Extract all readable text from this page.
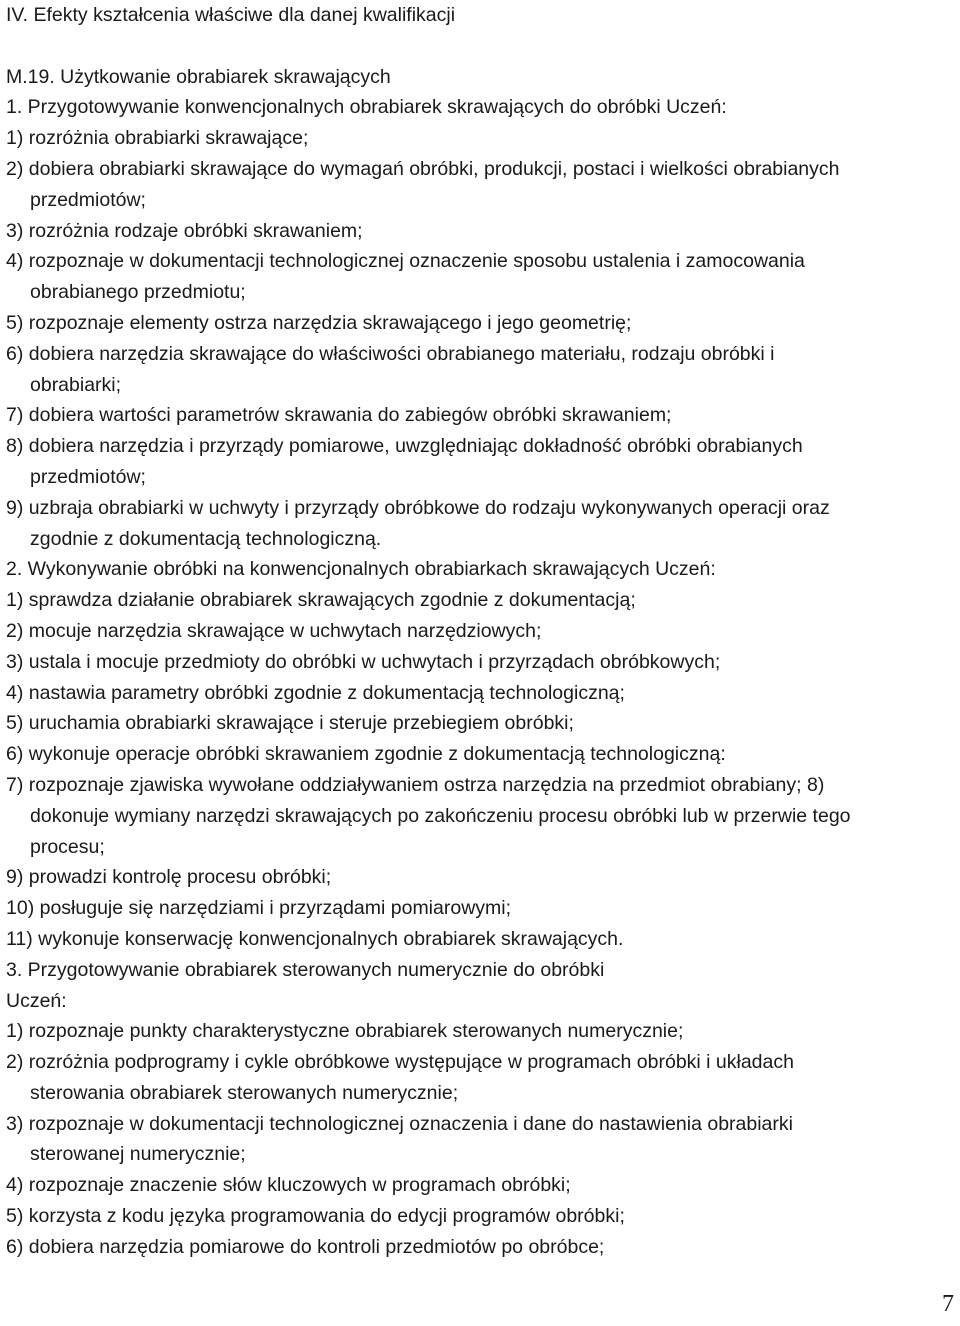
IV. Efekty kształcenia właściwe dla danej kwalifikacji
M.19. Użytkowanie obrabiarek skrawających
1. Przygotowywanie konwencjonalnych obrabiarek skrawających do obróbki Uczeń:
1) rozróżnia obrabiarki skrawające;
2) dobiera obrabiarki skrawające do wymagań obróbki, produkcji, postaci i wielkości obrabianych
przedmiotów;
3) rozróżnia rodzaje obróbki skrawaniem;
4) rozpoznaje w dokumentacji technologicznej oznaczenie sposobu ustalenia i zamocowania
obrabianego przedmiotu;
5) rozpoznaje elementy ostrza narzędzia skrawającego i jego geometrię;
6) dobiera narzędzia skrawające do właściwości obrabianego materiału, rodzaju obróbki i
obrabiarki;
7) dobiera wartości parametrów skrawania do zabiegów obróbki skrawaniem;
8) dobiera narzędzia i przyrządy pomiarowe, uwzględniając dokładność obróbki obrabianych
przedmiotów;
9) uzbraja obrabiarki w uchwyty i przyrządy obróbkowe do rodzaju wykonywanych operacji oraz
zgodnie z dokumentacją technologiczną.
2. Wykonywanie obróbki na konwencjonalnych obrabiarkach skrawających Uczeń:
1) sprawdza działanie obrabiarek skrawających zgodnie z dokumentacją;
2) mocuje narzędzia skrawające w uchwytach narzędziowych;
3) ustala i mocuje przedmioty do obróbki w uchwytach i przyrządach obróbkowych;
4) nastawia parametry obróbki zgodnie z dokumentacją technologiczną;
5) uruchamia obrabiarki skrawające i steruje przebiegiem obróbki;
6) wykonuje operacje obróbki skrawaniem zgodnie z dokumentacją technologiczną:
7) rozpoznaje zjawiska wywołane oddziaływaniem ostrza narzędzia na przedmiot obrabiany; 8)
dokonuje wymiany narzędzi skrawających po zakończeniu procesu obróbki lub w przerwie tego
procesu;
9) prowadzi kontrolę procesu obróbki;
10) posługuje się narzędziami i przyrządami pomiarowymi;
11) wykonuje konserwację konwencjonalnych obrabiarek skrawających.
3. Przygotowywanie obrabiarek sterowanych numerycznie do obróbki
Uczeń:
1) rozpoznaje punkty charakterystyczne obrabiarek sterowanych numerycznie;
2) rozróżnia podprogramy i cykle obróbkowe występujące w programach obróbki i układach
sterowania obrabiarek sterowanych numerycznie;
3) rozpoznaje w dokumentacji technologicznej oznaczenia i dane do nastawienia obrabiarki
sterowanej numerycznie;
4) rozpoznaje znaczenie słów kluczowych w programach obróbki;
5) korzysta z kodu języka programowania do edycji programów obróbki;
6) dobiera narzędzia pomiarowe do kontroli przedmiotów po obróbce;
7
